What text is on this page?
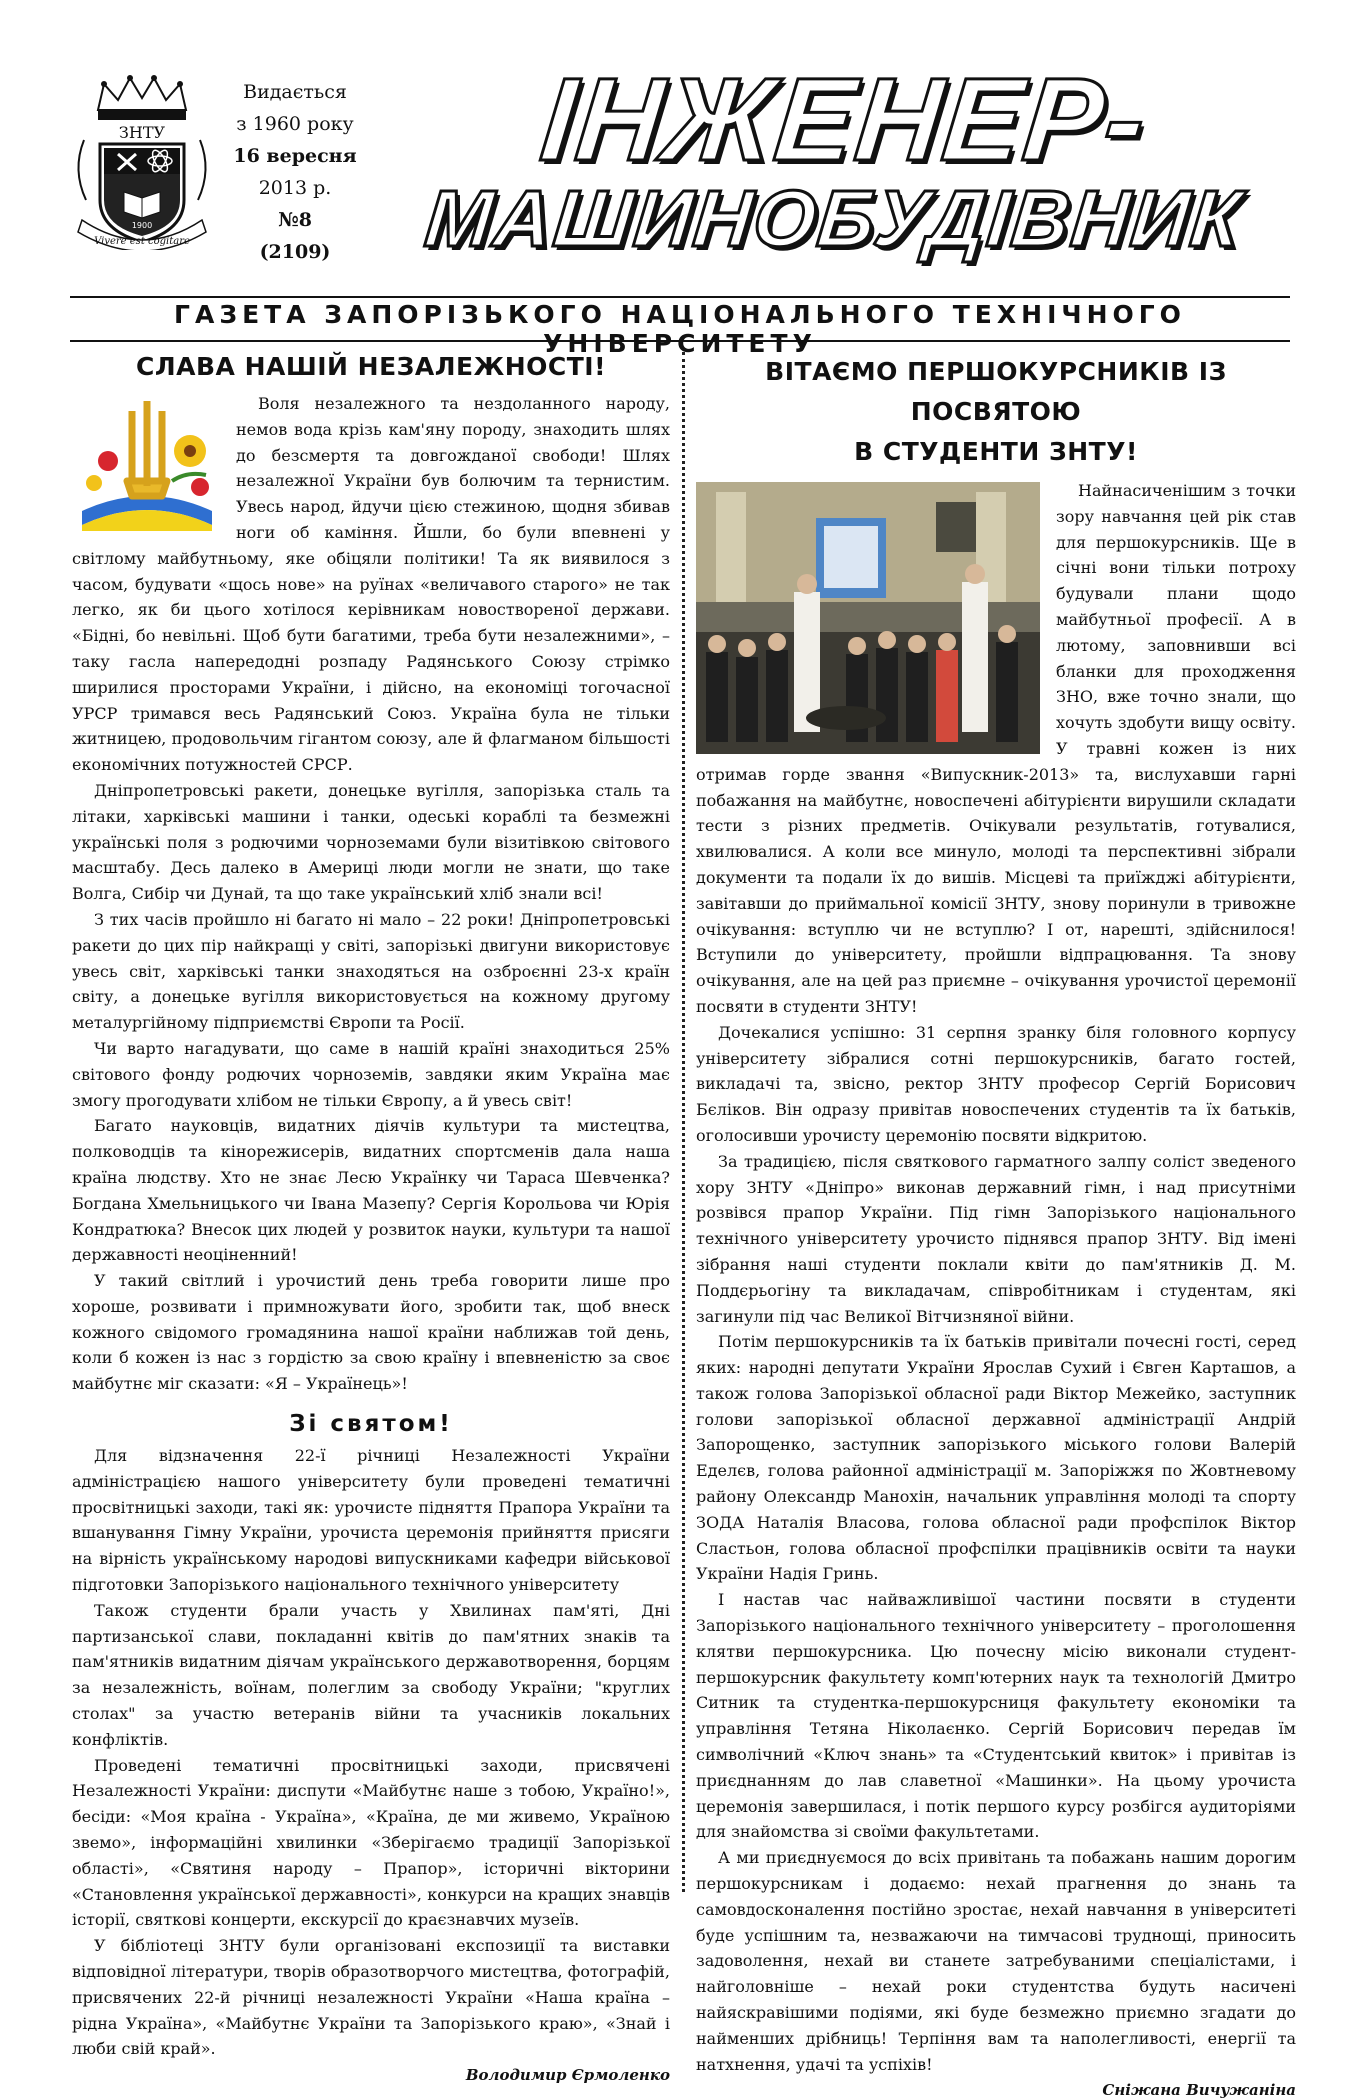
ЗНТУ
Vivere est cogitare
1900
Видається
з 1960 року
16 вересня
2013 р.
№8
(2109)
ІНЖЕНЕР-
МАШИНОБУДІВНИК
ГАЗЕТА ЗАПОРІЗЬКОГО НАЦІОНАЛЬНОГО ТЕХНІЧНОГО УНІВЕРСИТЕТУ
СЛАВА НАШІЙ НЕЗАЛЕЖНОСТІ!

Воля незалежного та нездоланного народу, немов вода крізь кам'яну породу, знаходить шлях до безсмертя та довгожданої свободи! Шлях незалежної України був болючим та тернистим. Увесь народ, йдучи цією стежиною, щодня збивав ноги об каміння. Йшли, бо були впевнені у світлому майбутньому, яке обіцяли політики! Та як виявилося з часом, будувати «щось нове» на руїнах «величавого старого» не так легко, як би цього хотілося керівникам новоствореної держави. «Бідні, бо невільні. Щоб бути багатими, треба бути незалежними», – таку гасла напередодні розпаду Радянського Союзу стрімко ширилися просторами України, і дійсно, на економіці тогочасної УРСР тримався весь Радянський Союз. Україна була не тільки житницею, продовольчим гігантом союзу, але й флагманом більшості економічних потужностей СРСР.

Дніпропетровські ракети, донецьке вугілля, запорізька сталь та літаки, харківські машини і танки, одеські кораблі та безмежні українські поля з родючими чорноземами були візитівкою світового масштабу. Десь далеко в Америці люди могли не знати, що таке Волга, Сибір чи Дунай, та що таке український хліб знали всі!

З тих часів пройшло ні багато ні мало – 22 роки! Дніпропетровські ракети до цих пір найкращі у світі, запорізькі двигуни використовує увесь світ, харківські танки знаходяться на озброєнні 23-х країн світу, а донецьке вугілля використовується на кожному другому металургійному підприємстві Європи та Росії.

Чи варто нагадувати, що саме в нашій країні знаходиться 25% світового фонду родючих чорноземів, завдяки яким Україна має змогу прогодувати хлібом не тільки Європу, а й увесь світ!

Багато науковців, видатних діячів культури та мистецтва, полководців та кінорежисерів, видатних спортсменів дала наша країна людству. Хто не знає Лесю Українку чи Тараса Шевченка? Богдана Хмельницького чи Івана Мазепу? Сергія Корольова чи Юрія Кондратюка? Внесок цих людей у розвиток науки, культури та нашої державності неоціненний!

У такий світлий і урочистий день треба говорити лише про хороше, розвивати і примножувати його, зробити так, щоб внеск кожного свідомого громадянина нашої країни наближав той день, коли б кожен із нас з гордістю за свою країну і впевненістю за своє майбутнє міг сказати: «Я – Українець»!

Зі святом!

Для відзначення 22-ї річниці Незалежності України адміністрацією нашого університету були проведені тематичні просвітницькі заходи, такі як: урочисте підняття Прапора України та вшанування Гімну України, урочиста церемонія прийняття присяги на вірність українському народові випускниками кафедри військової підготовки Запорізького національного технічного університету

Також студенти брали участь у Хвилинах пам'яті, Дні партизанської слави, покладанні квітів до пам'ятних знаків та пам'ятників видатним діячам українського державотворення, борцям за незалежність, воїнам, полеглим за свободу України; "круглих столах" за участю ветеранів війни та учасників локальних конфліктів.

Проведені тематичні просвітницькі заходи, присвячені Незалежності України: диспути «Майбутнє наше з тобою, Україно!», бесіди: «Моя країна - Україна», «Країна, де ми живемо, Україною звемо», інформаційні хвилинки «Зберігаємо традиції Запорізької області», «Святиня народу – Прапор», історичні вікторини «Становлення української державності», конкурси на кращих знавців історії, святкові концерти, екскурсії до краєзнавчих музеїв.

У бібліотеці ЗНТУ були організовані експозиції та виставки відповідної літератури, творів образотворчого мистецтва, фотографій, присвячених 22-й річниці незалежності України «Наша країна – рідна Україна», «Майбутнє України та Запорізького краю», «Знай і люби свій край».

Володимир Єрмоленко
ВІТАЄМО ПЕРШОКУРСНИКІВ ІЗ ПОСВЯТОЮ
В СТУДЕНТИ ЗНТУ!

Найнасиченішим з точки зору навчання цей рік став для першокурсників. Ще в січні вони тільки потроху будували плани щодо майбутньої професії. А в лютому, заповнивши всі бланки для проходження ЗНО, вже точно знали, що хочуть здобути вищу освіту. У травні кожен із них отримав горде звання «Випускник-2013» та, вислухавши гарні побажання на майбутнє, новоспечені абітурієнти вирушили складати тести з різних предметів. Очікували результатів, готувалися, хвилювалися. А коли все минуло, молоді та перспективні зібрали документи та подали їх до вишів. Місцеві та приїжджі абітурієнти, завітавши до приймальної комісії ЗНТУ, знову поринули в тривожне очікування: вступлю чи не вступлю? І от, нарешті, здійснилося! Вступили до університету, пройшли відпрацювання. Та знову очікування, але на цей раз приємне – очікування урочистої церемонії посвяти в студенти ЗНТУ!

Дочекалися успішно: 31 серпня зранку біля головного корпусу університету зібралися сотні першокурсників, багато гостей, викладачі та, звісно, ректор ЗНТУ професор Сергій Борисович Бєліков. Він одразу привітав новоспечених студентів та їх батьків, оголосивши урочисту церемонію посвяти відкритою.

За традицією, після святкового гарматного залпу соліст зведеного хору ЗНТУ «Дніпро» виконав державний гімн, і над присутніми розвівся прапор України. Під гімн Запорізького національного технічного університету урочисто піднявся прапор ЗНТУ. Від імені зібрання наші студенти поклали квіти до пам'ятників Д. М. Поддєрьогіну та викладачам, співробітникам і студентам, які загинули під час Великої Вітчизняної війни.

Потім першокурсників та їх батьків привітали почесні гості, серед яких: народні депутати України Ярослав Сухий і Євген Карташов, а також голова Запорізької обласної ради Віктор Межейко, заступник голови запорізької обласної державної адміністрації Андрій Запорощенко, заступник запорізького міського голови Валерій Еделєв, голова районної адміністрації м. Запоріжжя по Жовтневому району Олександр Манохін, начальник управління молоді та спорту ЗОДА Наталія Власова, голова обласної ради профспілок Віктор Сластьон, голова обласної профспілки працівників освіти та науки України Надія Гринь.

І настав час найважливішої частини посвяти в студенти Запорізького національного технічного університету – проголошення клятви першокурсника. Цю почесну місію виконали студент-першокурсник факультету комп'ютерних наук та технологій Дмитро Ситник та студентка-першокурсниця факультету економіки та управління Тетяна Ніколаєнко. Сергій Борисович передав їм символічний «Ключ знань» та «Студентський квиток» і привітав із приєднанням до лав славетної «Машинки». На цьому урочиста церемонія завершилася, і потік першого курсу розбігся аудиторіями для знайомства зі своїми факультетами.

А ми приєднуємося до всіх привітань та побажань нашим дорогим першокурсникам і додаємо: нехай прагнення до знань та самовдосконалення постійно зростає, нехай навчання в університеті буде успішним та, незважаючи на тимчасові труднощі, приносить задоволення, нехай ви станете затребуваними спеціалістами, і найголовніше – нехай роки студентства будуть насичені найяскравішими подіями, які буде безмежно приємно згадати до найменших дрібниць! Терпіння вам та наполегливості, енергії та натхнення, удачі та успіхів!

Сніжана Вичужаніна
